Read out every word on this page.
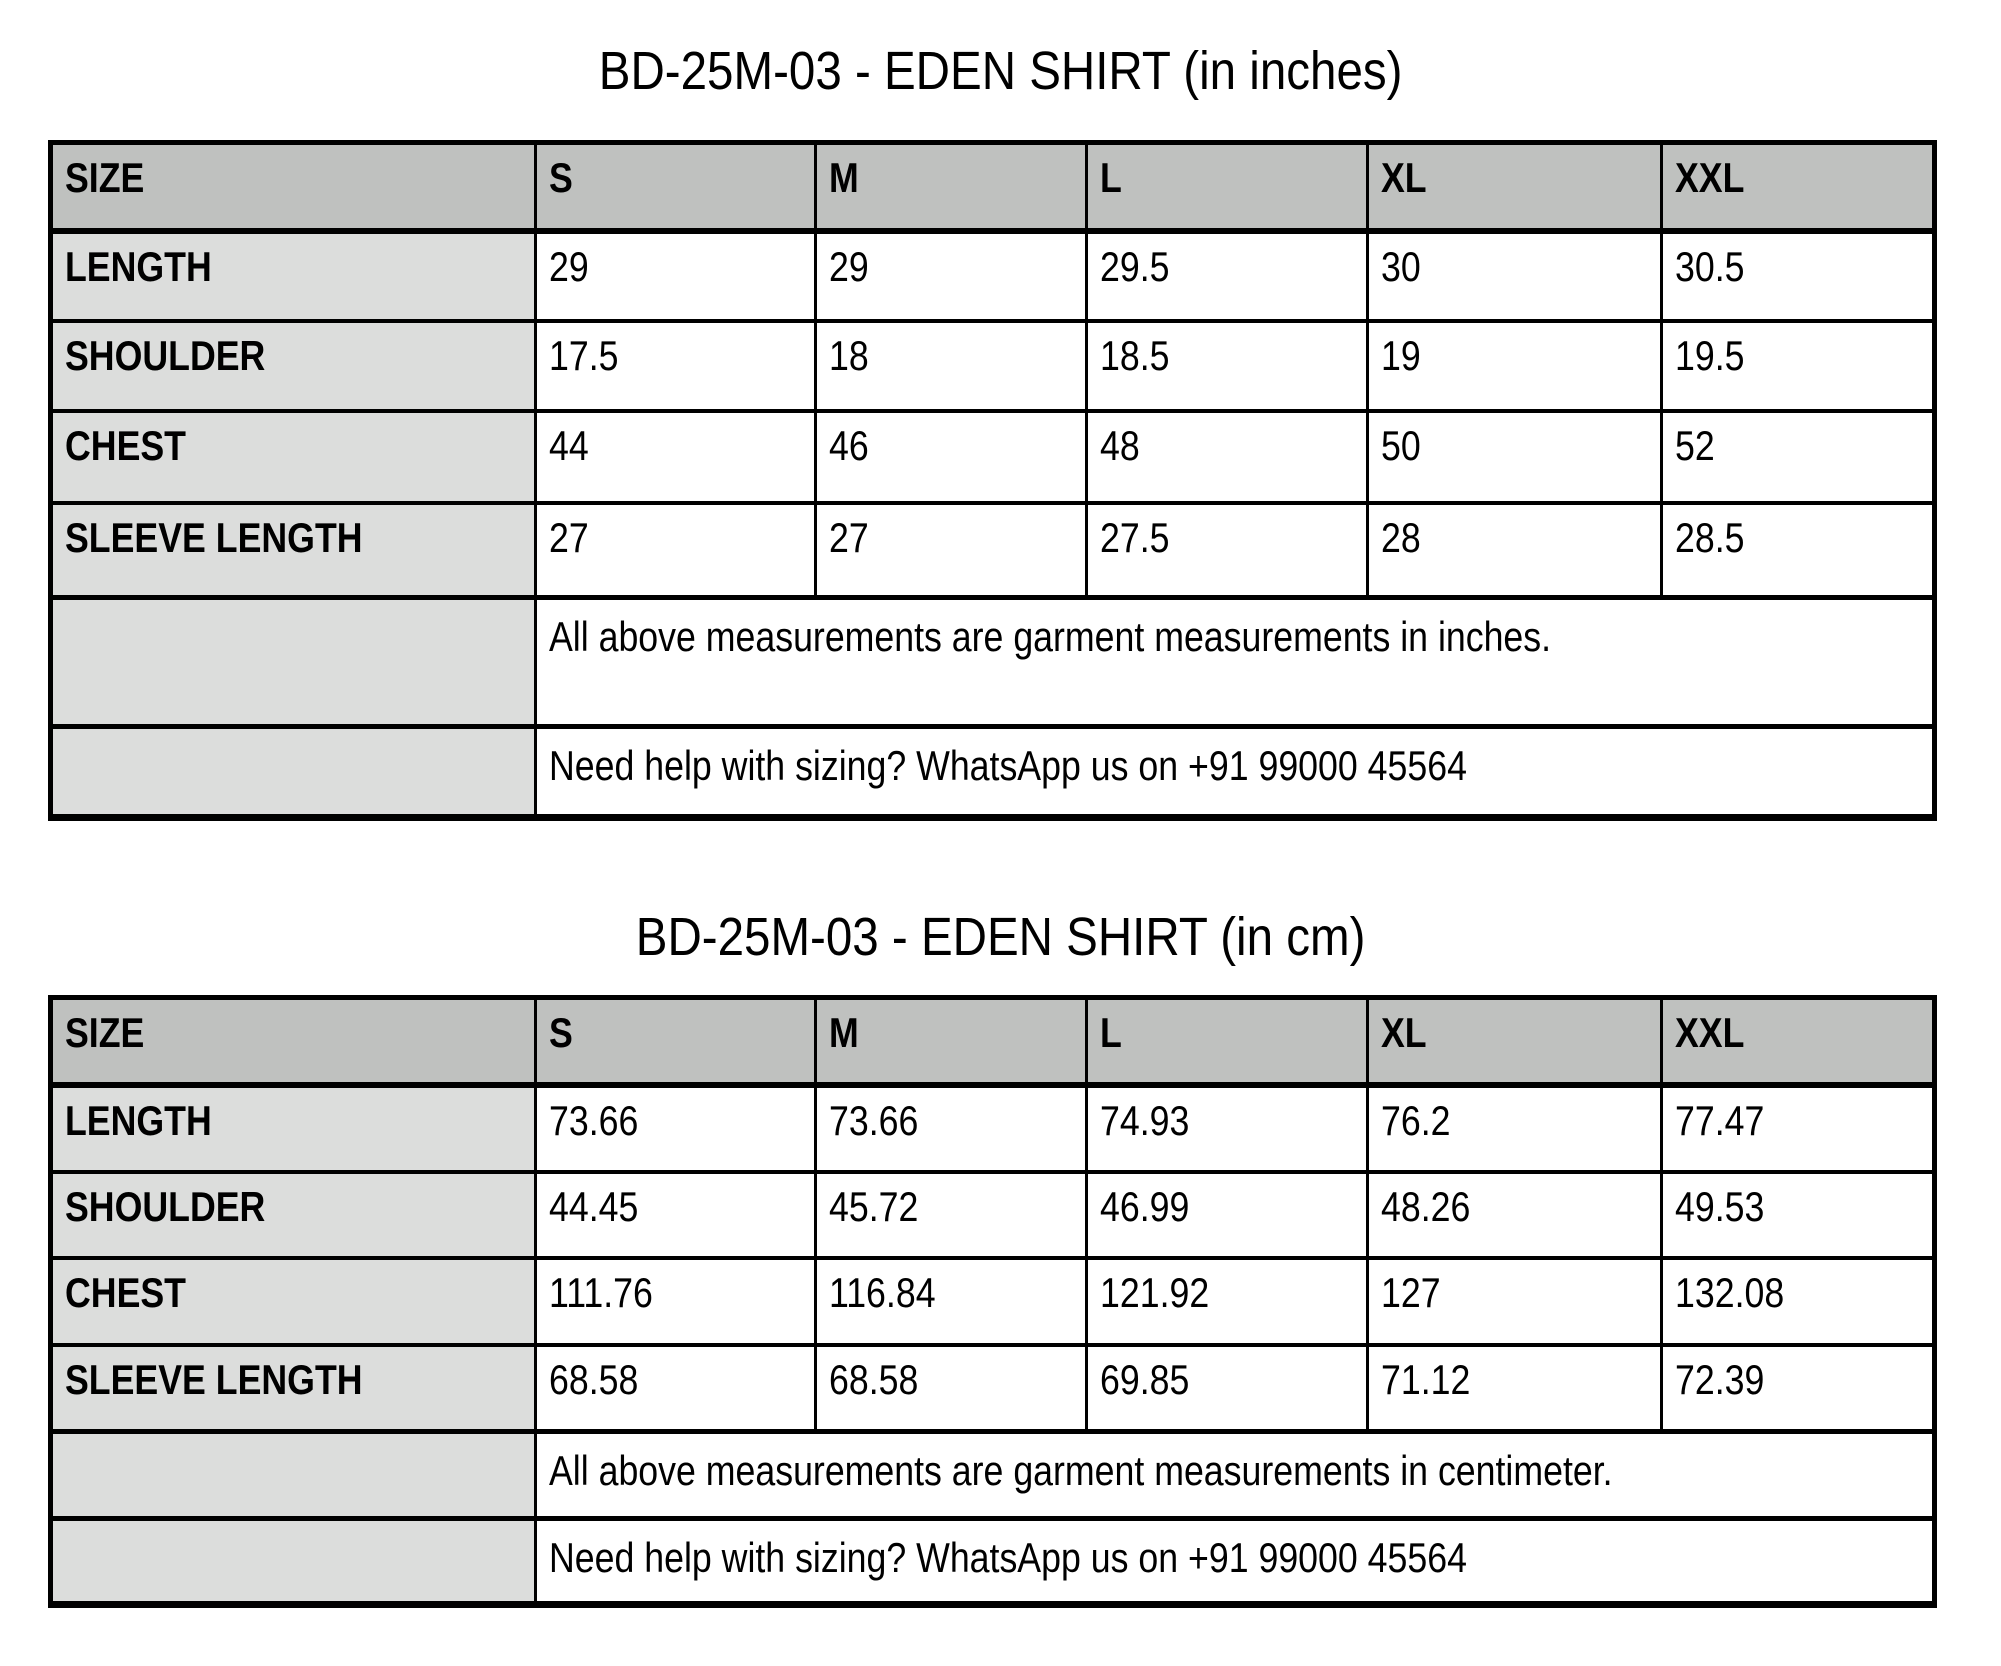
BD-25M-03 - EDEN SHIRT (in inches)
SIZE	S	M	L	XL	XXL
LENGTH	29	29	29.5	30	30.5
SHOULDER	17.5	18	18.5	19	19.5
CHEST	44	46	48	50	52
SLEEVE LENGTH	27	27	27.5	28	28.5
	All above measurements are garment measurements in inches.				
	Need help with sizing? WhatsApp us on +91 99000 45564				
BD-25M-03 - EDEN SHIRT (in cm)
SIZE	S	M	L	XL	XXL
LENGTH	73.66	73.66	74.93	76.2	77.47
SHOULDER	44.45	45.72	46.99	48.26	49.53
CHEST	111.76	116.84	121.92	127	132.08
SLEEVE LENGTH	68.58	68.58	69.85	71.12	72.39
	All above measurements are garment measurements in centimeter.				
	Need help with sizing? WhatsApp us on +91 99000 45564				
